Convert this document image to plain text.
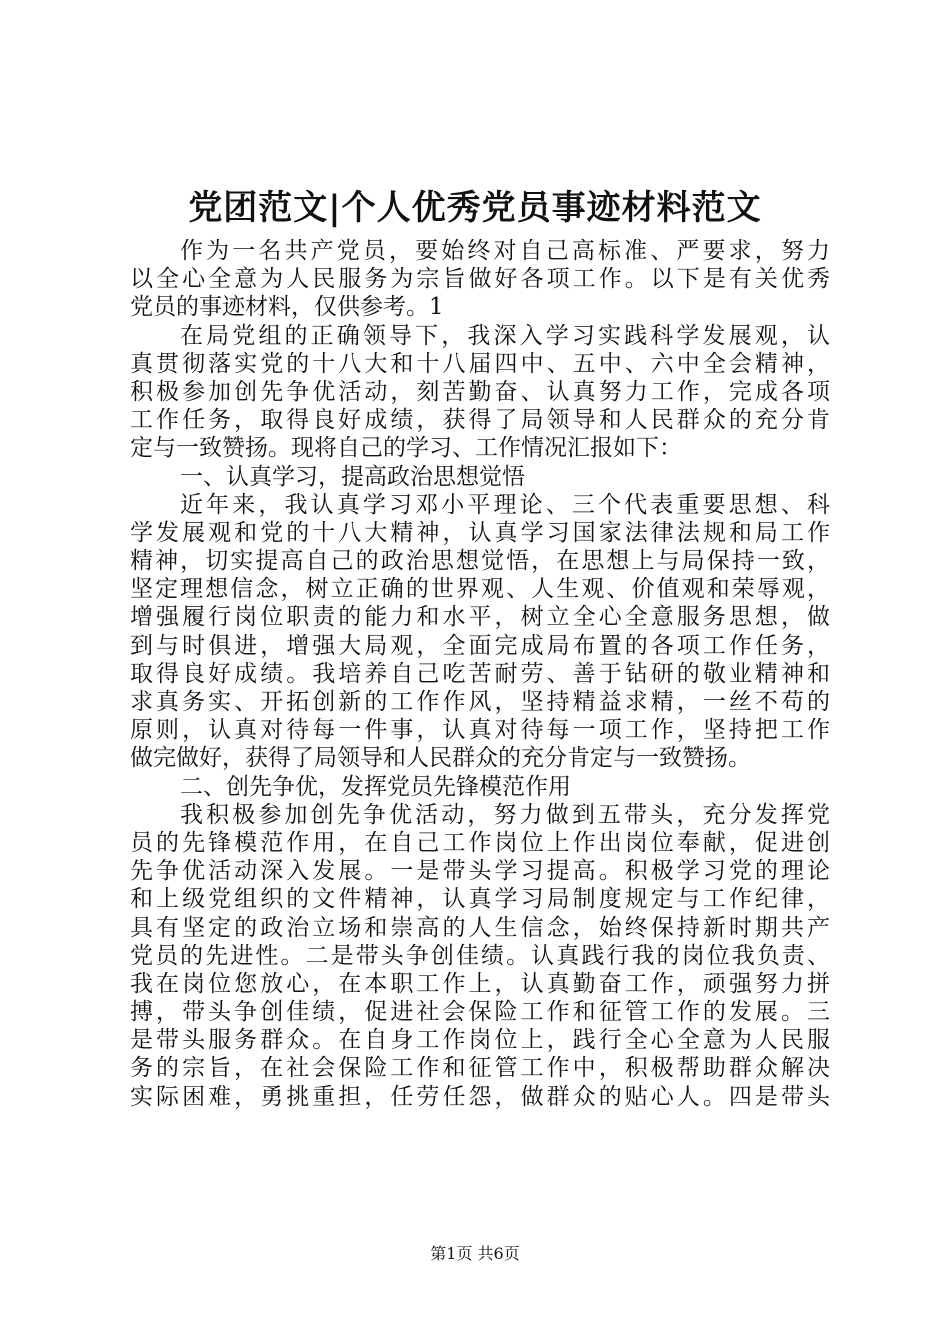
党团范文|个人优秀党员事迹材料范文
作为一名共产党员，要始终对自己高标准、严要求，努力
以全心全意为人民服务为宗旨做好各项工作。以下是有关优秀
党员的事迹材料，仅供参考。1
在局党组的正确领导下，我深入学习实践科学发展观，认
真贯彻落实党的十八大和十八届四中、五中、六中全会精神，
积极参加创先争优活动，刻苦勤奋、认真努力工作，完成各项
工作任务，取得良好成绩，获得了局领导和人民群众的充分肯
定与一致赞扬。现将自己的学习、工作情况汇报如下：
一、认真学习，提高政治思想觉悟
近年来，我认真学习邓小平理论、三个代表重要思想、科
学发展观和党的十八大精神，认真学习国家法律法规和局工作
精神，切实提高自己的政治思想觉悟，在思想上与局保持一致，
坚定理想信念，树立正确的世界观、人生观、价值观和荣辱观，
增强履行岗位职责的能力和水平，树立全心全意服务思想，做
到与时俱进，增强大局观，全面完成局布置的各项工作任务，
取得良好成绩。我培养自己吃苦耐劳、善于钻研的敬业精神和
求真务实、开拓创新的工作作风，坚持精益求精，一丝不苟的
原则，认真对待每一件事，认真对待每一项工作，坚持把工作
做完做好，获得了局领导和人民群众的充分肯定与一致赞扬。
二、创先争优，发挥党员先锋模范作用
我积极参加创先争优活动，努力做到五带头，充分发挥党
员的先锋模范作用，在自己工作岗位上作出岗位奉献，促进创
先争优活动深入发展。一是带头学习提高。积极学习党的理论
和上级党组织的文件精神，认真学习局制度规定与工作纪律，
具有坚定的政治立场和崇高的人生信念，始终保持新时期共产
党员的先进性。二是带头争创佳绩。认真践行我的岗位我负责、
我在岗位您放心，在本职工作上，认真勤奋工作，顽强努力拼
搏，带头争创佳绩，促进社会保险工作和征管工作的发展。三
是带头服务群众。在自身工作岗位上，践行全心全意为人民服
务的宗旨，在社会保险工作和征管工作中，积极帮助群众解决
实际困难，勇挑重担，任劳任怨，做群众的贴心人。四是带头
第1页 共6页
